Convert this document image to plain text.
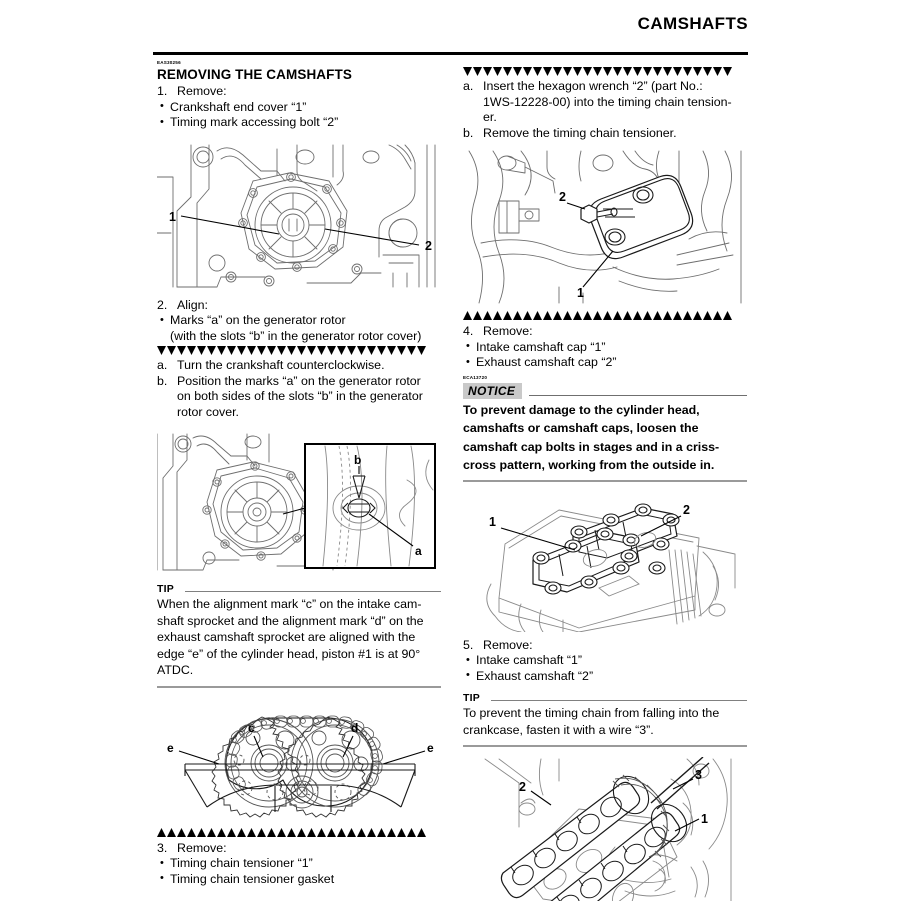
CAMSHAFTS
EAS30256
REMOVING THE CAMSHAFTS
1. Remove:
• Crankshaft end cover “1”
• Timing mark accessing bolt “2”
1
2
2. Align:
• Marks “a” on the generator rotor
(with the slots “b” in the generator rotor cover)
a. Turn the crankshaft counterclockwise.
b. Position the marks “a” on the generator rotor
on both sides of the slots “b” in the generator
rotor cover.
b
a
TIP
When the alignment mark “c” on the intake cam-
shaft sprocket and the alignment mark “d” on the
exhaust camshaft sprocket are aligned with the
edge “e” of the cylinder head, piston #1 is at 90°
ATDC.
c	d
e	e
3. Remove:
• Timing chain tensioner “1”
• Timing chain tensioner gasket
a. Insert the hexagon wrench “2” (part No.:
1WS-12228-00) into the timing chain tension-
er.
b. Remove the timing chain tensioner.
2
1
4. Remove:
• Intake camshaft cap “1”
• Exhaust camshaft cap “2”
ECA13720
NOTICE
To prevent damage to the cylinder head,
camshafts or camshaft caps, loosen the
camshaft cap bolts in stages and in a criss-
cross pattern, working from the outside in.
1
2
5. Remove:
• Intake camshaft “1”
• Exhaust camshaft “2”
TIP
To prevent the timing chain from falling into the
crankcase, fasten it with a wire “3”.
2
1
3
